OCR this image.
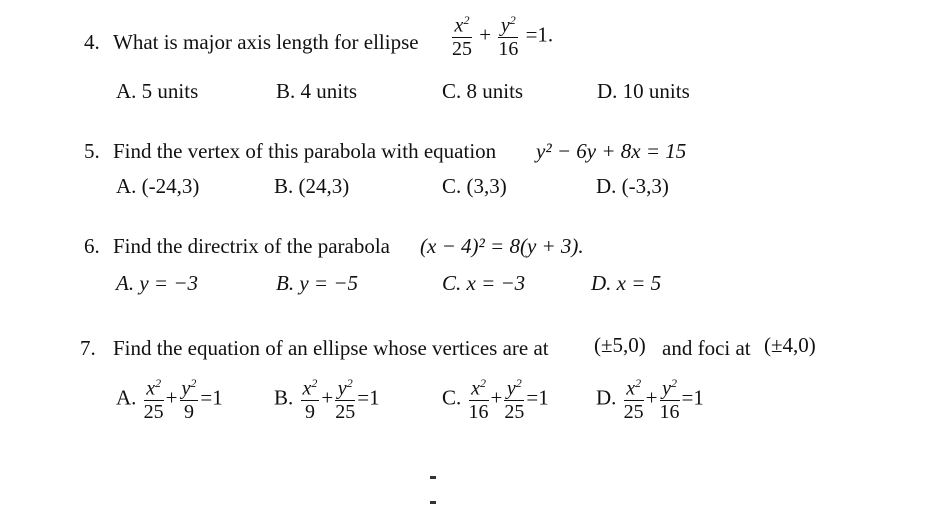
4. What is major axis length for ellipse $\frac{x^2}{25} + \frac{y^2}{16} =1$.
A. 5 units	B. 4 units	C. 8 units	D. 10 units
5. Find the vertex of this parabola with equation y² − 6y + 8x = 15
A. (-24,3)	B. (24,3)	C. (3,3)	D. (-3,3)
6. Find the directrix of the parabola (x − 4)² = 8(y + 3).
A. y = −3	B. y = −5	C. x = −3	D. x = 5
7. Find the equation of an ellipse whose vertices are at (±5,0) and foci at (±4,0)
A. $\frac{x^2}{25} + \frac{y^2}{9} =1$ B. $\frac{x^2}{9} + \frac{y^2}{25} =1$	C. $\frac{x^2}{16} + \frac{y^2}{25} =1$ D. $\frac{x^2}{25} + \frac{y^2}{16} =1$
